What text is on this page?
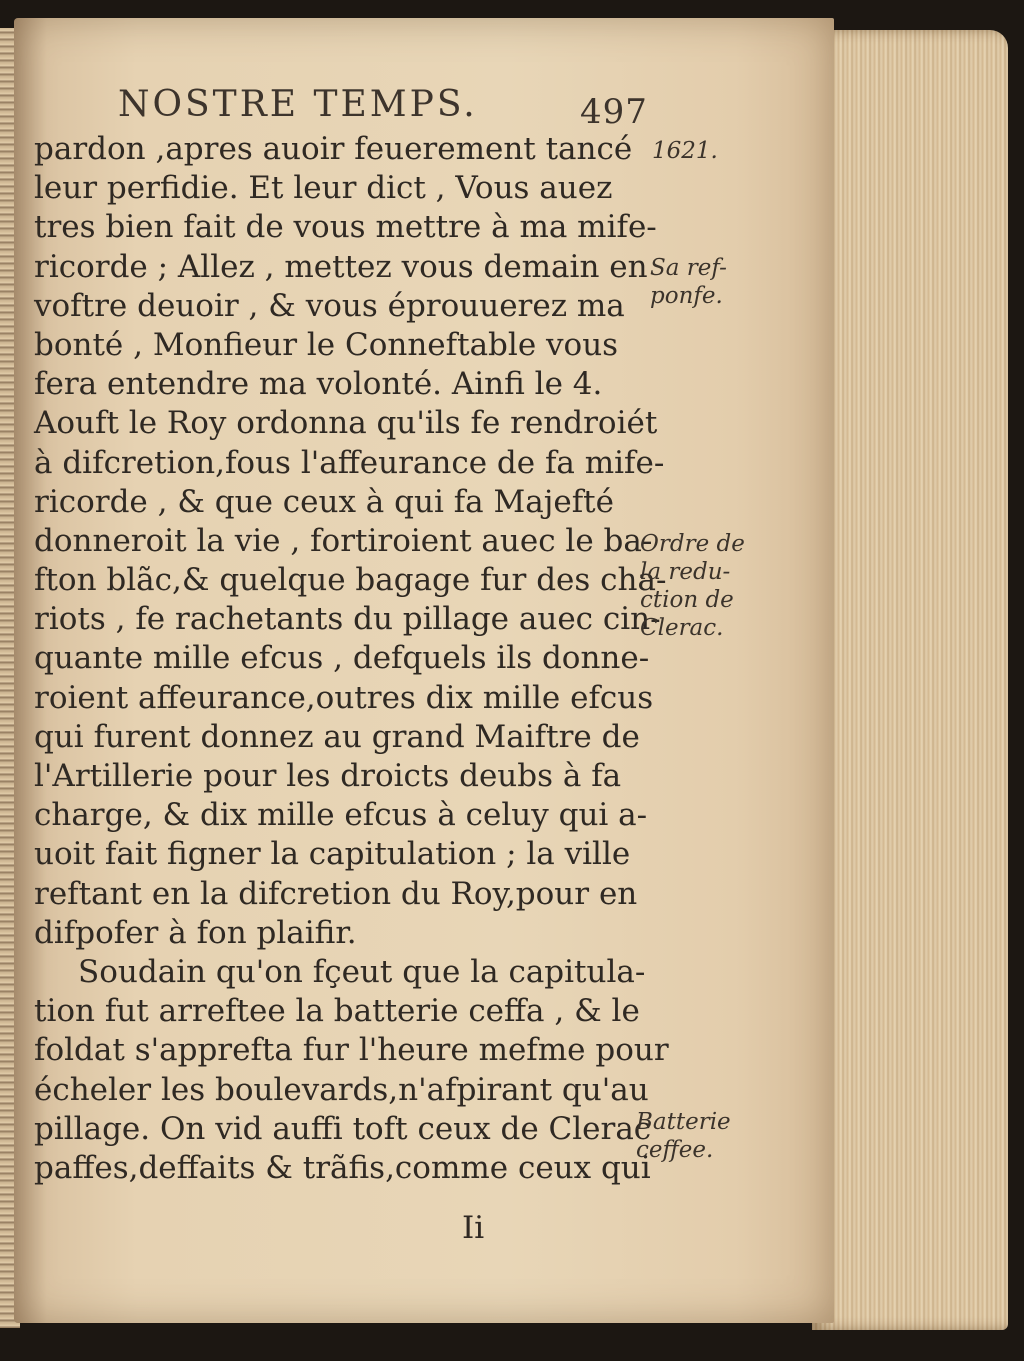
NOSTRE TEMPS.	497
pardon ,apres auoir feuerement tancé
leur perfidie. Et leur dict , Vous auez
tres bien fait de vous mettre à ma mife-
ricorde ; Allez , mettez vous demain en
voftre deuoir , & vous éprouuerez ma
bonté , Monfieur le Conneftable vous
fera entendre ma volonté. Ainfi le 4.
Aouft le Roy ordonna qu'ils fe rendroiét
à difcretion,fous l'affeurance de fa mife-
ricorde , & que ceux à qui fa Majefté
donneroit la vie , fortiroient auec le ba-
fton blãc,& quelque bagage fur des cha-
riots , fe rachetants du pillage auec cin-
quante mille efcus , defquels ils donne-
roient affeurance,outres dix mille efcus
qui furent donnez au grand Maiftre de
l'Artillerie pour les droicts deubs à fa
charge, & dix mille efcus à celuy qui a-
uoit fait figner la capitulation ; la ville
reftant en la difcretion du Roy,pour en
difpofer à fon plaifir.
Soudain qu'on fçeut que la capitula-
tion fut arreftee la batterie ceffa , & le
foldat s'apprefta fur l'heure mefme pour
écheler les boulevards,n'afpirant qu'au
pillage. On vid auffi toft ceux de Clerac
paffes,deffaits & trãfis,comme ceux qui
1621.
Sa ref-
ponfe.
Ordre de
la redu-
ction de
Clerac.
Batterie
ceffee.
Ii
